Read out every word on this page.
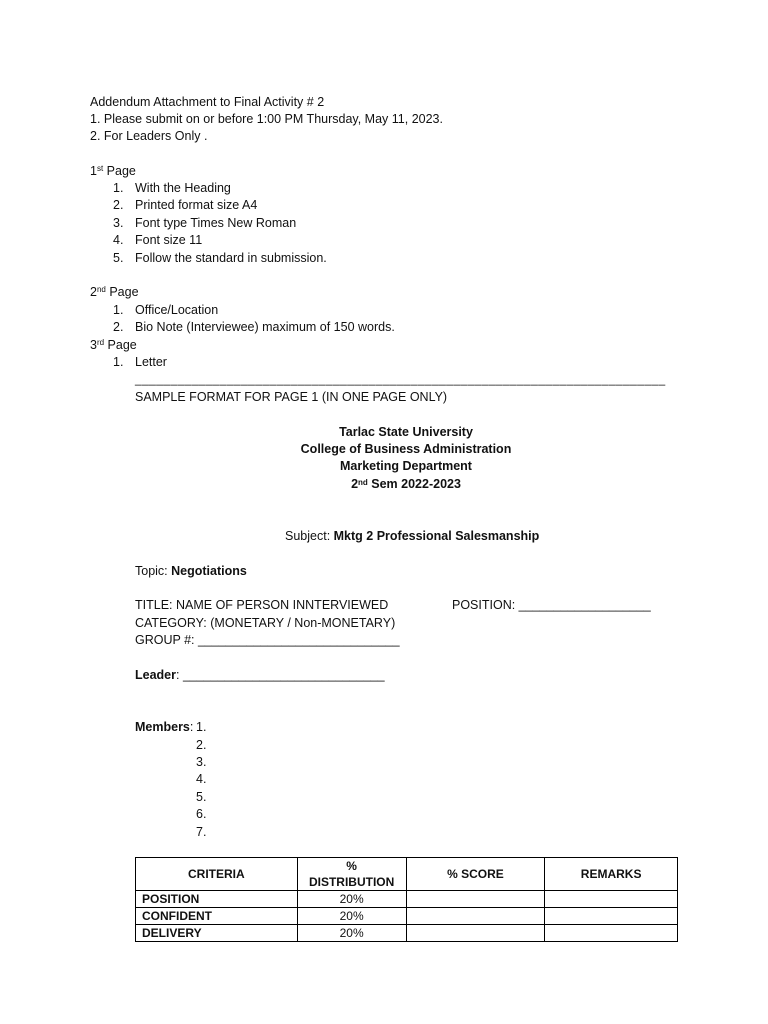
Addendum Attachment to Final Activity # 2
1. Please submit on or before 1:00 PM Thursday, May 11, 2023.
2. For Leaders Only .
1st Page
1. With the Heading
2. Printed format size A4
3. Font type Times New Roman
4. Font size 11
5. Follow the standard in submission.
2nd Page
1. Office/Location
2. Bio Note (Interviewee) maximum of 150 words.
3rd Page
1. Letter
___________________________________________________________________________
SAMPLE FORMAT FOR PAGE 1 (IN ONE PAGE ONLY)
Tarlac State University
College of Business Administration
Marketing Department
2nd Sem 2022-2023
Subject: Mktg 2 Professional Salesmanship
Topic: Negotiations
TITLE: NAME OF PERSON INNTERVIEWED	POSITION: ___________________
CATEGORY: (MONETARY / Non-MONETARY)
GROUP #: _____________________________
Leader: _____________________________
Members: 1.
2.
3.
4.
5.
6.
7.
CRITERIA	% DISTRIBUTION	% SCORE	REMARKS
POSITION	20%		
CONFIDENT	20%		
DELIVERY	20%		
